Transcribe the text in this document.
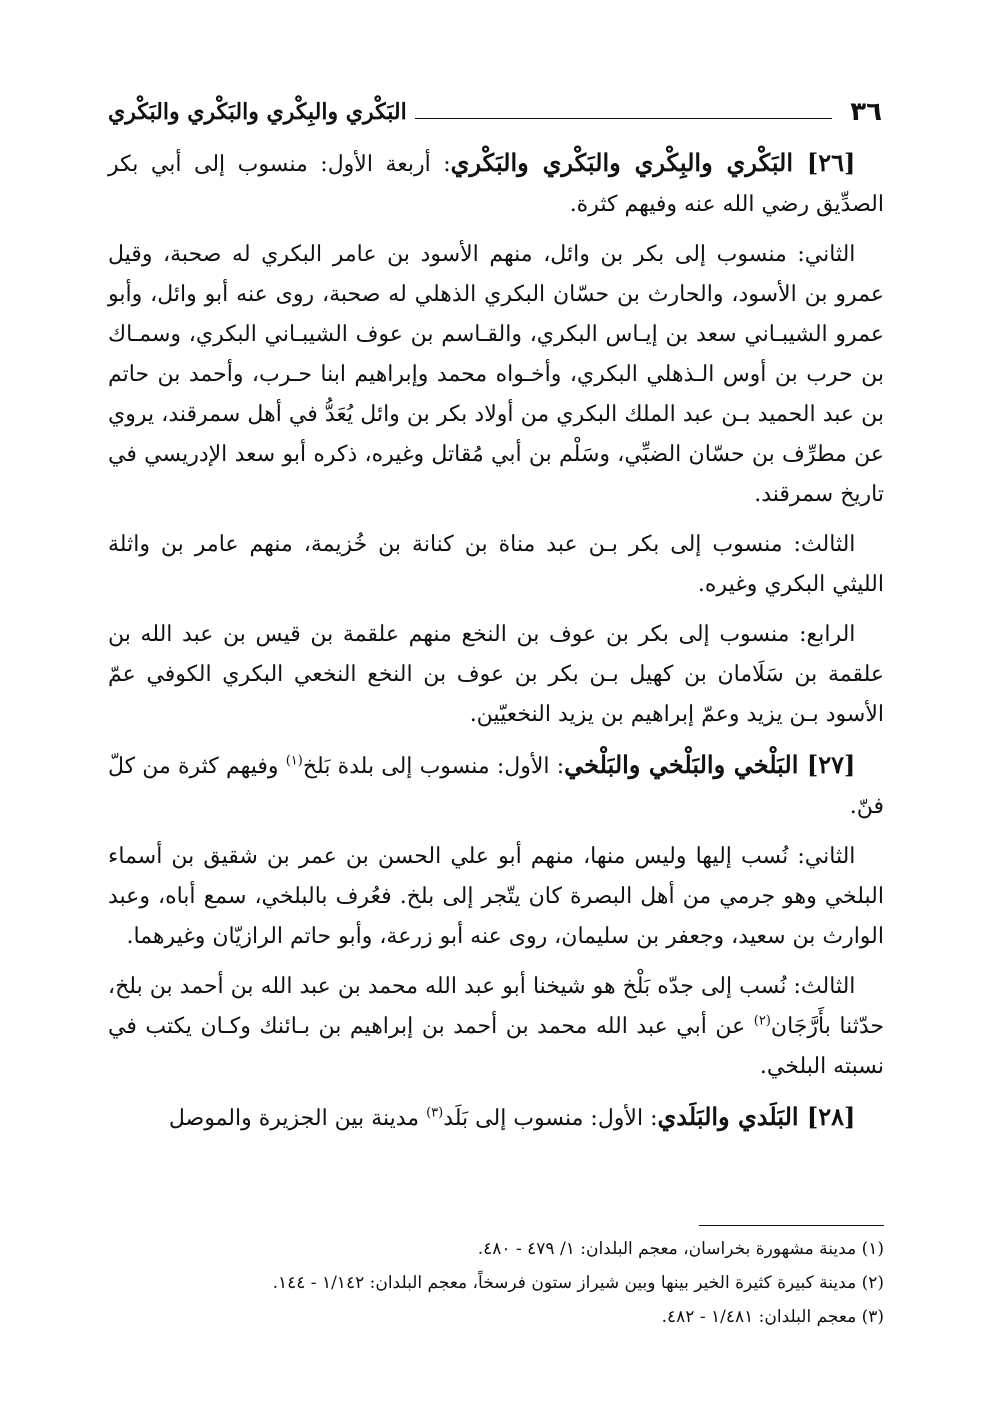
٣٦
البَكْري والبِكْري والبَكْري والبَكْري

[٢٦] البَكْري والبِكْري والبَكْري والبَكْري: أربعة الأول: منسوب إلى أبي بكر الصدِّيق رضي الله عنه وفيهم كثرة.

الثاني: منسوب إلى بكر بن وائل، منهم الأسود بن عامر البكري له صحبة، وقيل عمرو بن الأسود، والحارث بن حسّان البكري الذهلي له صحبة، روى عنه أبو وائل، وأبو عمرو الشيبـاني سعد بن إيـاس البكري، والقـاسم بن عوف الشيبـاني البكري، وسمـاك بن حرب بن أوس الـذهلي البكري، وأخـواه محمد وإبراهيم ابنا حـرب، وأحمد بن حاتم بن عبد الحميد بـن عبد الملك البكري من أولاد بكر بن وائل يُعَدُّ في أهل سمرقند، يروي عن مطرِّف بن حسّان الضبِّي، وسَلْم بن أبي مُقاتل وغيره، ذكره أبو سعد الإدريسي في تاريخ سمرقند.

الثالث: منسوب إلى بكر بـن عبد مناة بن كنانة بن خُزيمة، منهم عامر بن واثلة الليثي البكري وغيره.

الرابع: منسوب إلى بكر بن عوف بن النخع منهم علقمة بن قيس بن عبد الله بن علقمة بن سَلَامان بن كهيل بـن بكر بن عوف بن النخع النخعي البكري الكوفي عمّ الأسود بـن يزيد وعمّ إبراهيم بن يزيد النخعيّين.

[٢٧] البَلْخي والبَلْخي والبَلْخي: الأول: منسوب إلى بلدة بَلخ$^{(١)}$ وفيهم كثرة من كلّ فنّ.

الثاني: نُسب إليها وليس منها، منهم أبو علي الحسن بن عمر بن شقيق بن أسماء البلخي وهو جرمي من أهل البصرة كان يتّجر إلى بلخ. فعُرف بالبلخي، سمع أباه، وعبد الوارث بن سعيد، وجعفر بن سليمان، روى عنه أبو زرعة، وأبو حاتم الرازيّان وغيرهما.

الثالث: نُسب إلى جدّه بَلْخ هو شيخنا أبو عبد الله محمد بن عبد الله بن أحمد بن بلخ، حدّثنا بأَرَّجَان$^{(٢)}$ عن أبي عبد الله محمد بن أحمد بن إبراهيم بن بـائنك وكـان يكتب في نسبته البلخي.

[٢٨] البَلَدي والبَلَدي: الأول: منسوب إلى بَلَد$^{(٣)}$ مدينة بين الجزيرة والموصل

(١) مدينة مشهورة بخراسان، معجم البلدان: ١/ ٤٧٩ - ٤٨٠.

(٢) مدينة كبيرة كثيرة الخير بينها وبين شيراز ستون فرسخاً، معجم البلدان: ١/١٤٢ - ١٤٤.

(٣) معجم البلدان: ١/٤٨١ - ٤٨٢.
